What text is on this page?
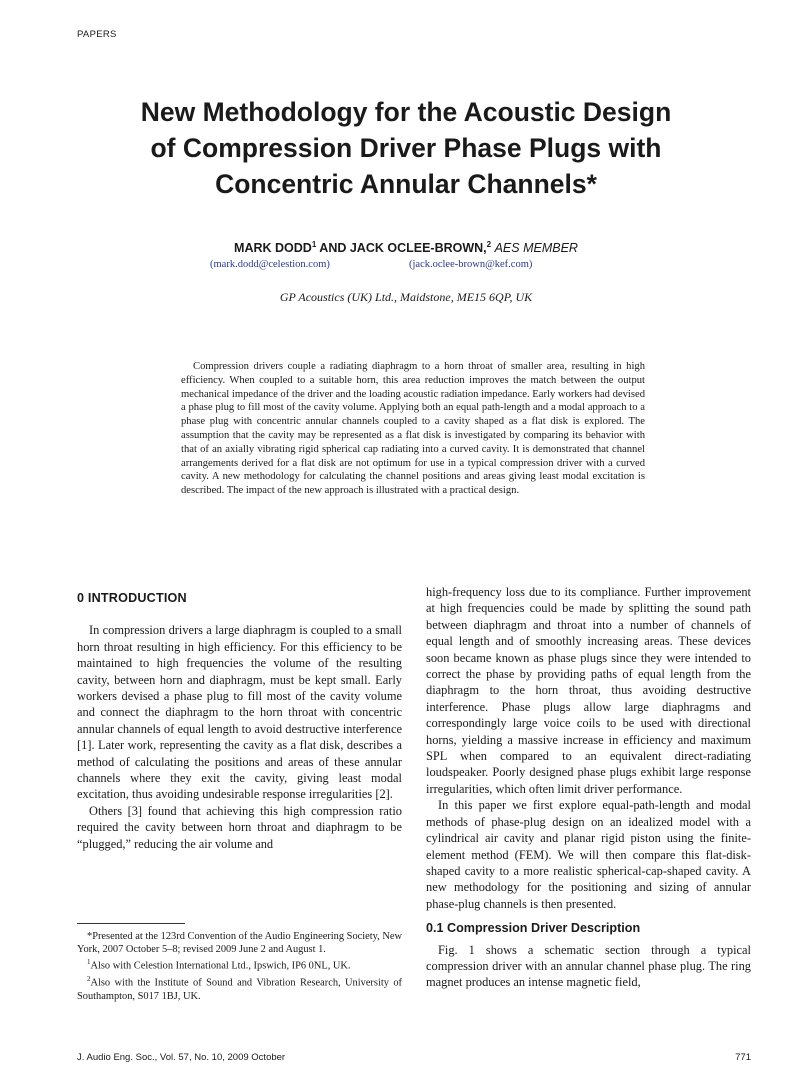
PAPERS
New Methodology for the Acoustic Design
of Compression Driver Phase Plugs with
Concentric Annular Channels*
MARK DODD$^1$ AND JACK OCLEE-BROWN,$^2$ AES MEMBER
(mark.dodd@celestion.com)	(jack.oclee-brown@kef.com)
GP Acoustics (UK) Ltd., Maidstone, ME15 6QP, UK

Compression drivers couple a radiating diaphragm to a horn throat of smaller area, resulting in high efficiency. When coupled to a suitable horn, this area reduction improves the match between the output mechanical impedance of the driver and the loading acoustic radiation impedance. Early workers had devised a phase plug to fill most of the cavity volume. Applying both an equal path-length and a modal approach to a phase plug with concentric annular channels coupled to a cavity shaped as a flat disk is explored. The assumption that the cavity may be represented as a flat disk is investigated by comparing its behavior with that of an axially vibrating rigid spherical cap radiating into a curved cavity. It is demonstrated that channel arrangements derived for a flat disk are not optimum for use in a typical compression driver with a curved cavity. A new methodology for calculating the channel positions and areas giving least modal excitation is described. The impact of the new approach is illustrated with a practical design.

0 INTRODUCTION

In compression drivers a large diaphragm is coupled to a small horn throat resulting in high efficiency. For this efficiency to be maintained to high frequencies the volume of the resulting cavity, between horn and diaphragm, must be kept small. Early workers devised a phase plug to fill most of the cavity volume and connect the diaphragm to the horn throat with concentric annular channels of equal length to avoid destructive interference [1]. Later work, representing the cavity as a flat disk, describes a method of calculating the positions and areas of these annular channels where they exit the cavity, giving least modal excitation, thus avoiding undesirable response irregularities [2].

Others [3] found that achieving this high compression ratio required the cavity between horn throat and diaphragm to be “plugged,” reducing the air volume and

high-frequency loss due to its compliance. Further improvement at high frequencies could be made by splitting the sound path between diaphragm and throat into a number of channels of equal length and of smoothly increasing areas. These devices soon became known as phase plugs since they were intended to correct the phase by providing paths of equal length from the diaphragm to the horn throat, thus avoiding destructive interference. Phase plugs allow large diaphragms and correspondingly large voice coils to be used with directional horns, yielding a massive increase in efficiency and maximum SPL when compared to an equivalent direct-radiating loudspeaker. Poorly designed phase plugs exhibit large response irregularities, which often limit driver performance.

In this paper we first explore equal-path-length and modal methods of phase-plug design on an idealized model with a cylindrical air cavity and planar rigid piston using the finite-element method (FEM). We will then compare this flat-disk-shaped cavity to a more realistic spherical-cap-shaped cavity. A new methodology for the positioning and sizing of annular phase-plug channels is then presented.

0.1 Compression Driver Description

Fig. 1 shows a schematic section through a typical compression driver with an annular channel phase plug. The ring magnet produces an intense magnetic field,

*Presented at the 123rd Convention of the Audio Engineering Society, New York, 2007 October 5–8; revised 2009 June 2 and August 1.

$^1$Also with Celestion International Ltd., Ipswich, IP6 0NL, UK.

$^2$Also with the Institute of Sound and Vibration Research, University of Southampton, S017 1BJ, UK.

J. Audio Eng. Soc., Vol. 57, No. 10, 2009 October	771
